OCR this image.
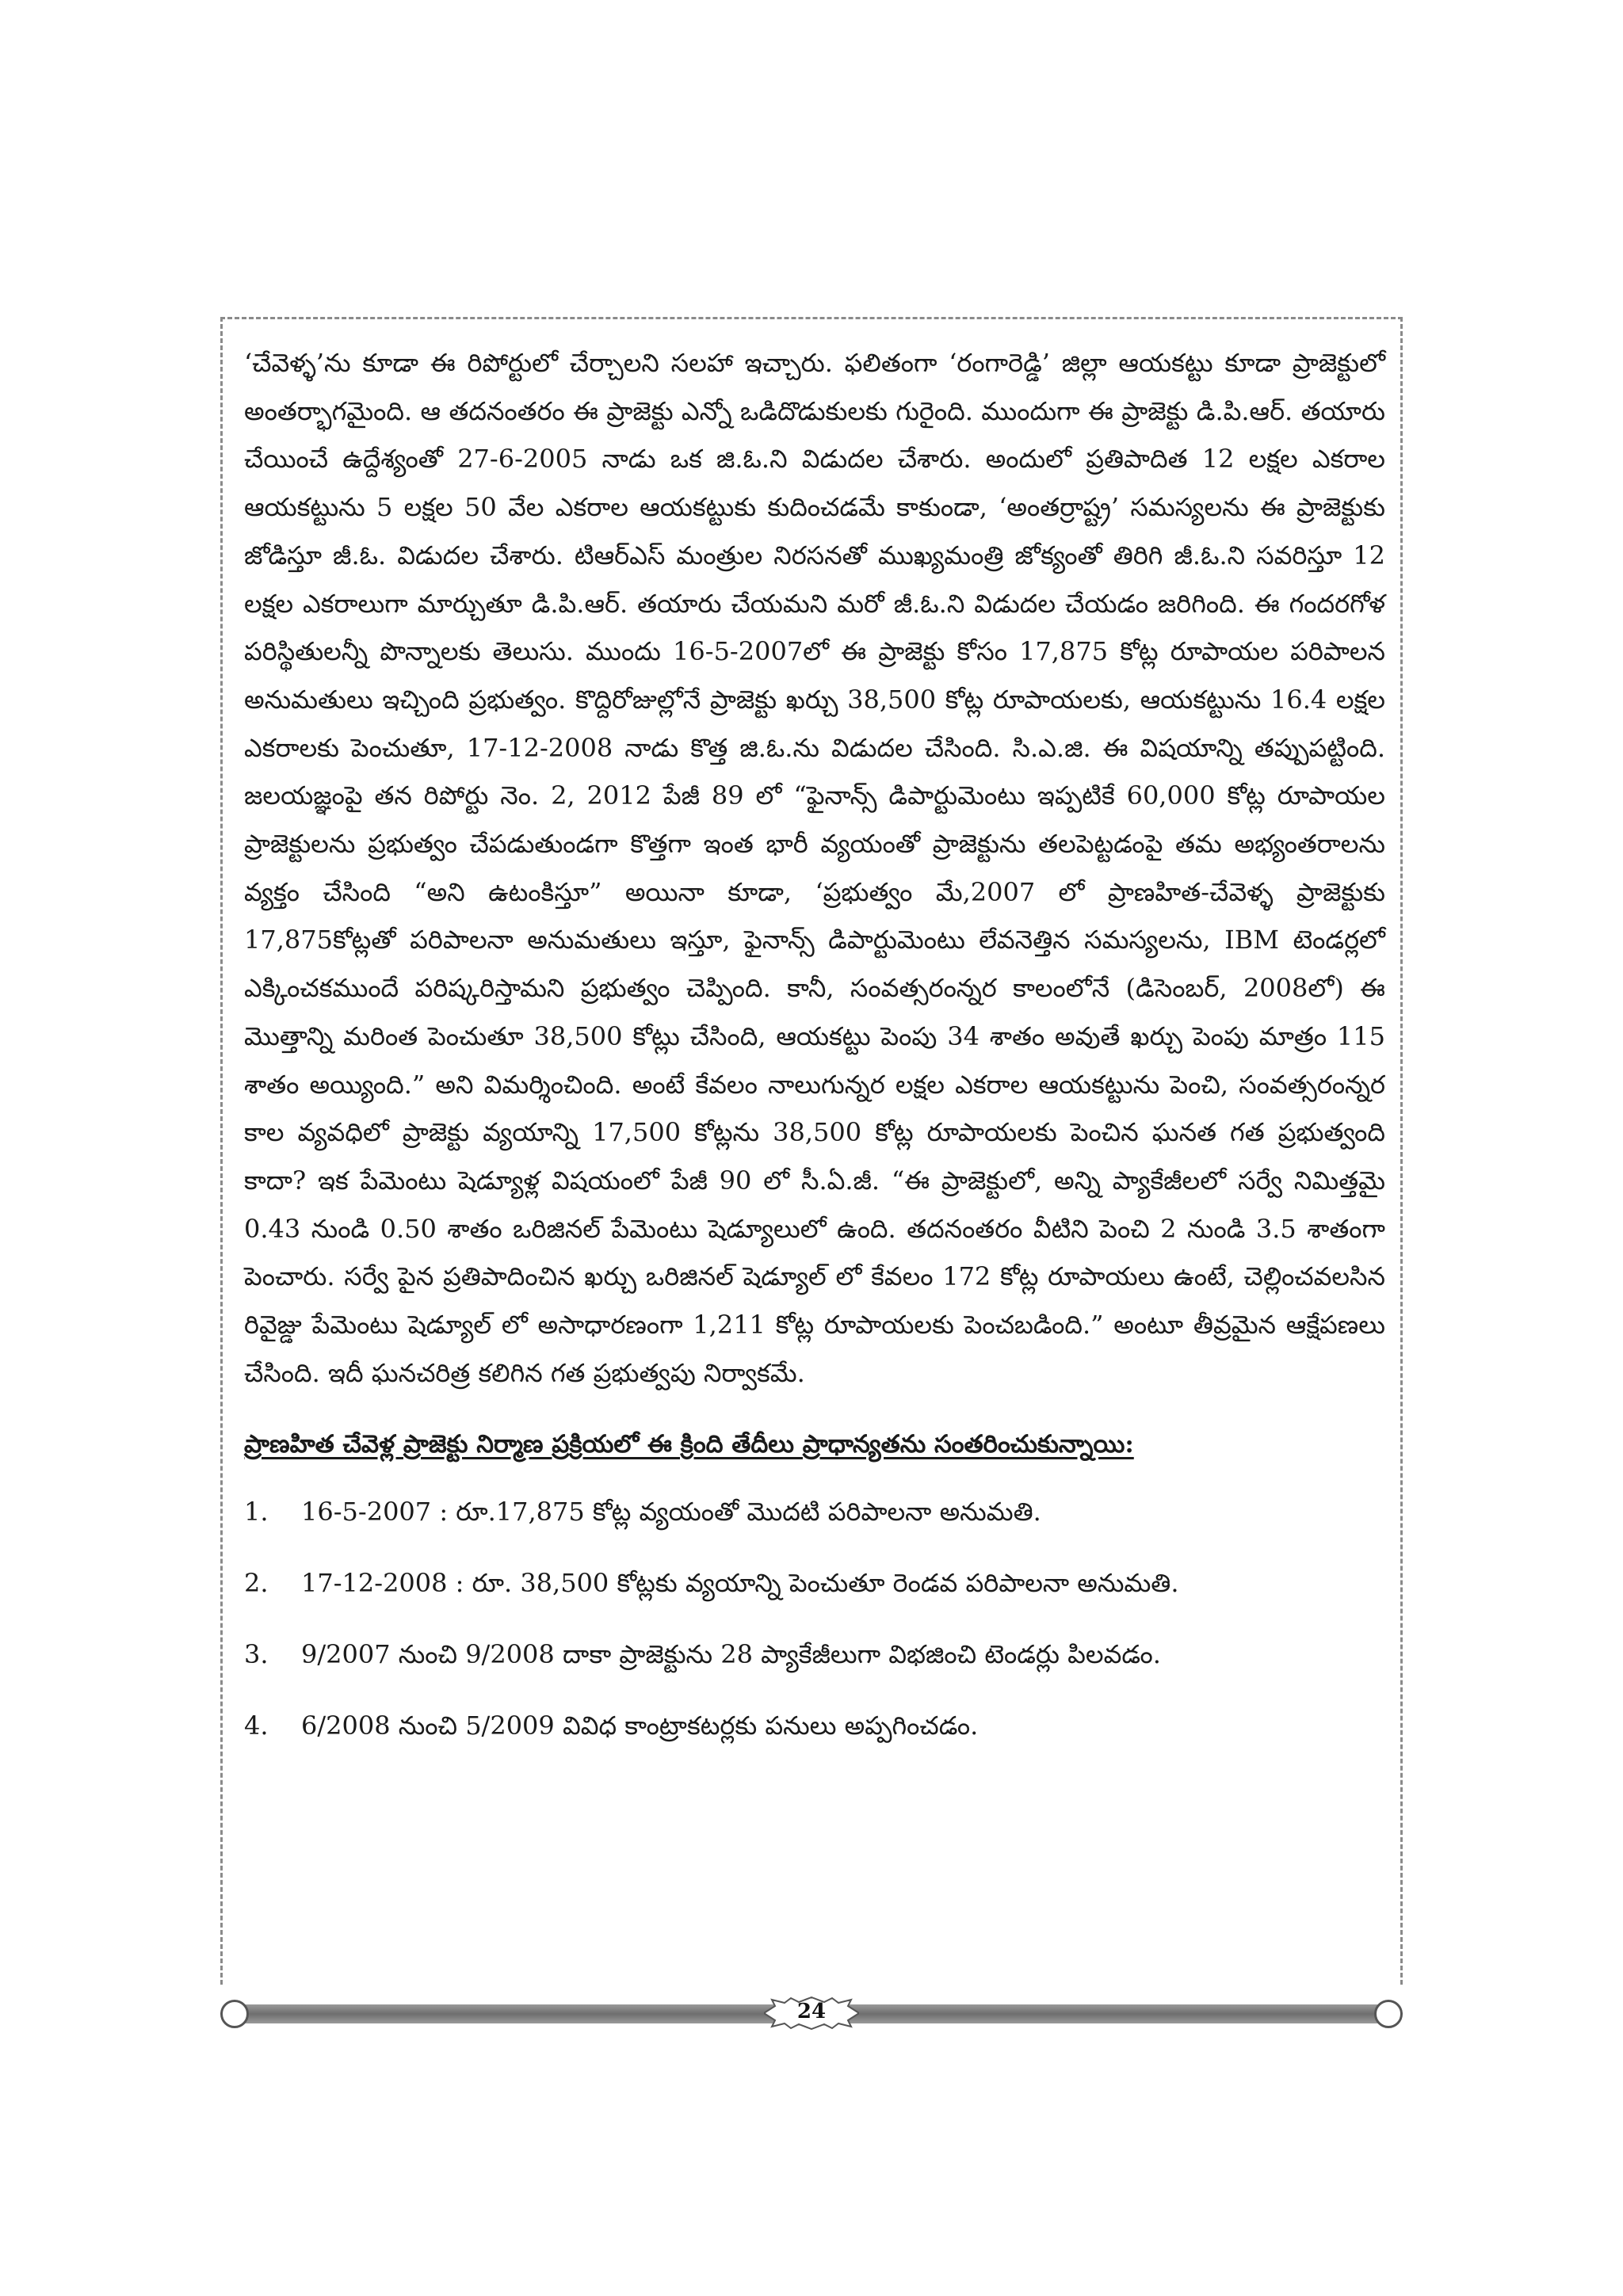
‘చేవెళ్ళ’ను కూడా ఈ రిపోర్టులో చేర్చాలని సలహా ఇచ్చారు. ఫలితంగా ‘రంగారెడ్డి’ జిల్లా ఆయకట్టు కూడా ప్రాజెక్టులో అంతర్భాగమైంది. ఆ తదనంతరం ఈ ప్రాజెక్టు ఎన్నో ఒడిదొడుకులకు గురైంది. ముందుగా ఈ ప్రాజెక్టు డి.పి.ఆర్. తయారు చేయించే ఉద్దేశ్యంతో 27-6-2005 నాడు ఒక జి.ఓ.ని విడుదల చేశారు. అందులో ప్రతిపాదిత 12 లక్షల ఎకరాల ఆయకట్టును 5 లక్షల 50 వేల ఎకరాల ఆయకట్టుకు కుదించడమే కాకుండా, ‘అంతర్రాష్ట్ర’ సమస్యలను ఈ ప్రాజెక్టుకు జోడిస్తూ జీ.ఓ. విడుదల చేశారు. టిఆర్ఎస్ మంత్రుల నిరసనతో ముఖ్యమంత్రి జోక్యంతో తిరిగి జీ.ఓ.ని సవరిస్తూ 12 లక్షల ఎకరాలుగా మార్చుతూ డి.పి.ఆర్. తయారు చేయమని మరో జీ.ఓ.ని విడుదల చేయడం జరిగింది. ఈ గందరగోళ పరిస్థితులన్నీ పొన్నాలకు తెలుసు. ముందు 16-5-2007లో ఈ ప్రాజెక్టు కోసం 17,875 కోట్ల రూపాయల పరిపాలన అనుమతులు ఇచ్చింది ప్రభుత్వం. కొద్దిరోజుల్లోనే ప్రాజెక్టు ఖర్చు 38,500 కోట్ల రూపాయలకు, ఆయకట్టును 16.4 లక్షల ఎకరాలకు పెంచుతూ, 17-12-2008 నాడు కొత్త జి.ఓ.ను విడుదల చేసింది. సి.ఎ.జి. ఈ విషయాన్ని తప్పుపట్టింది. జలయజ్ఞంపై తన రిపోర్టు నెం. 2, 2012 పేజీ 89 లో “ఫైనాన్స్ డిపార్టుమెంటు ఇప్పటికే 60,000 కోట్ల రూపాయల ప్రాజెక్టులను ప్రభుత్వం చేపడుతుండగా కొత్తగా ఇంత భారీ వ్యయంతో ప్రాజెక్టును తలపెట్టడంపై తమ అభ్యంతరాలను వ్యక్తం చేసింది “అని ఉటంకిస్తూ” అయినా కూడా, ‘ప్రభుత్వం మే,2007 లో ప్రాణహిత-చేవెళ్ళ ప్రాజెక్టుకు 17,875కోట్లతో పరిపాలనా అనుమతులు ఇస్తూ, ఫైనాన్స్ డిపార్టుమెంటు లేవనెత్తిన సమస్యలను, IBM టెండర్లలో ఎక్కించకముందే పరిష్కరిస్తామని ప్రభుత్వం చెప్పింది. కానీ, సంవత్సరంన్నర కాలంలోనే (డిసెంబర్, 2008లో) ఈ మొత్తాన్ని మరింత పెంచుతూ 38,500 కోట్లు చేసింది, ఆయకట్టు పెంపు 34 శాతం అవుతే ఖర్చు పెంపు మాత్రం 115 శాతం అయ్యింది.” అని విమర్శించింది. అంటే కేవలం నాలుగున్నర లక్షల ఎకరాల ఆయకట్టును పెంచి, సంవత్సరంన్నర కాల వ్యవధిలో ప్రాజెక్టు వ్యయాన్ని 17,500 కోట్లను 38,500 కోట్ల రూపాయలకు పెంచిన ఘనత గత ప్రభుత్వంది కాదా? ఇక పేమెంటు షెడ్యూళ్ల విషయంలో పేజీ 90 లో సీ.ఏ.జీ. “ఈ ప్రాజెక్టులో, అన్ని ప్యాకేజీలలో సర్వే నిమిత్తమై 0.43 నుండి 0.50 శాతం ఒరిజినల్ పేమెంటు షెడ్యూలులో ఉంది. తదనంతరం వీటిని పెంచి 2 నుండి 3.5 శాతంగా పెంచారు. సర్వే పైన ప్రతిపాదించిన ఖర్చు ఒరిజినల్ షెడ్యూల్ లో కేవలం 172 కోట్ల రూపాయలు ఉంటే, చెల్లించవలసిన రివైజ్డు పేమెంటు షెడ్యూల్ లో అసాధారణంగా 1,211 కోట్ల రూపాయలకు పెంచబడింది.” అంటూ తీవ్రమైన ఆక్షేపణలు చేసింది. ఇదీ ఘనచరిత్ర కలిగిన గత ప్రభుత్వపు నిర్వాకమే.

ప్రాణహిత చేవెళ్ల ప్రాజెక్టు నిర్మాణ ప్రక్రియలో ఈ క్రింది తేదీలు ప్రాధాన్యతను సంతరించుకున్నాయి:

1.	16-5-2007 : రూ.17,875 కోట్ల వ్యయంతో మొదటి పరిపాలనా అనుమతి.
2.	17-12-2008 : రూ. 38,500 కోట్లకు వ్యయాన్ని పెంచుతూ రెండవ పరిపాలనా అనుమతి.
3.	9/2007 నుంచి 9/2008 దాకా ప్రాజెక్టును 28 ప్యాకేజీలుగా విభజించి టెండర్లు పిలవడం.
4.	6/2008 నుంచి 5/2009 వివిధ కాంట్రాకటర్లకు పనులు అప్పగించడం.
24
